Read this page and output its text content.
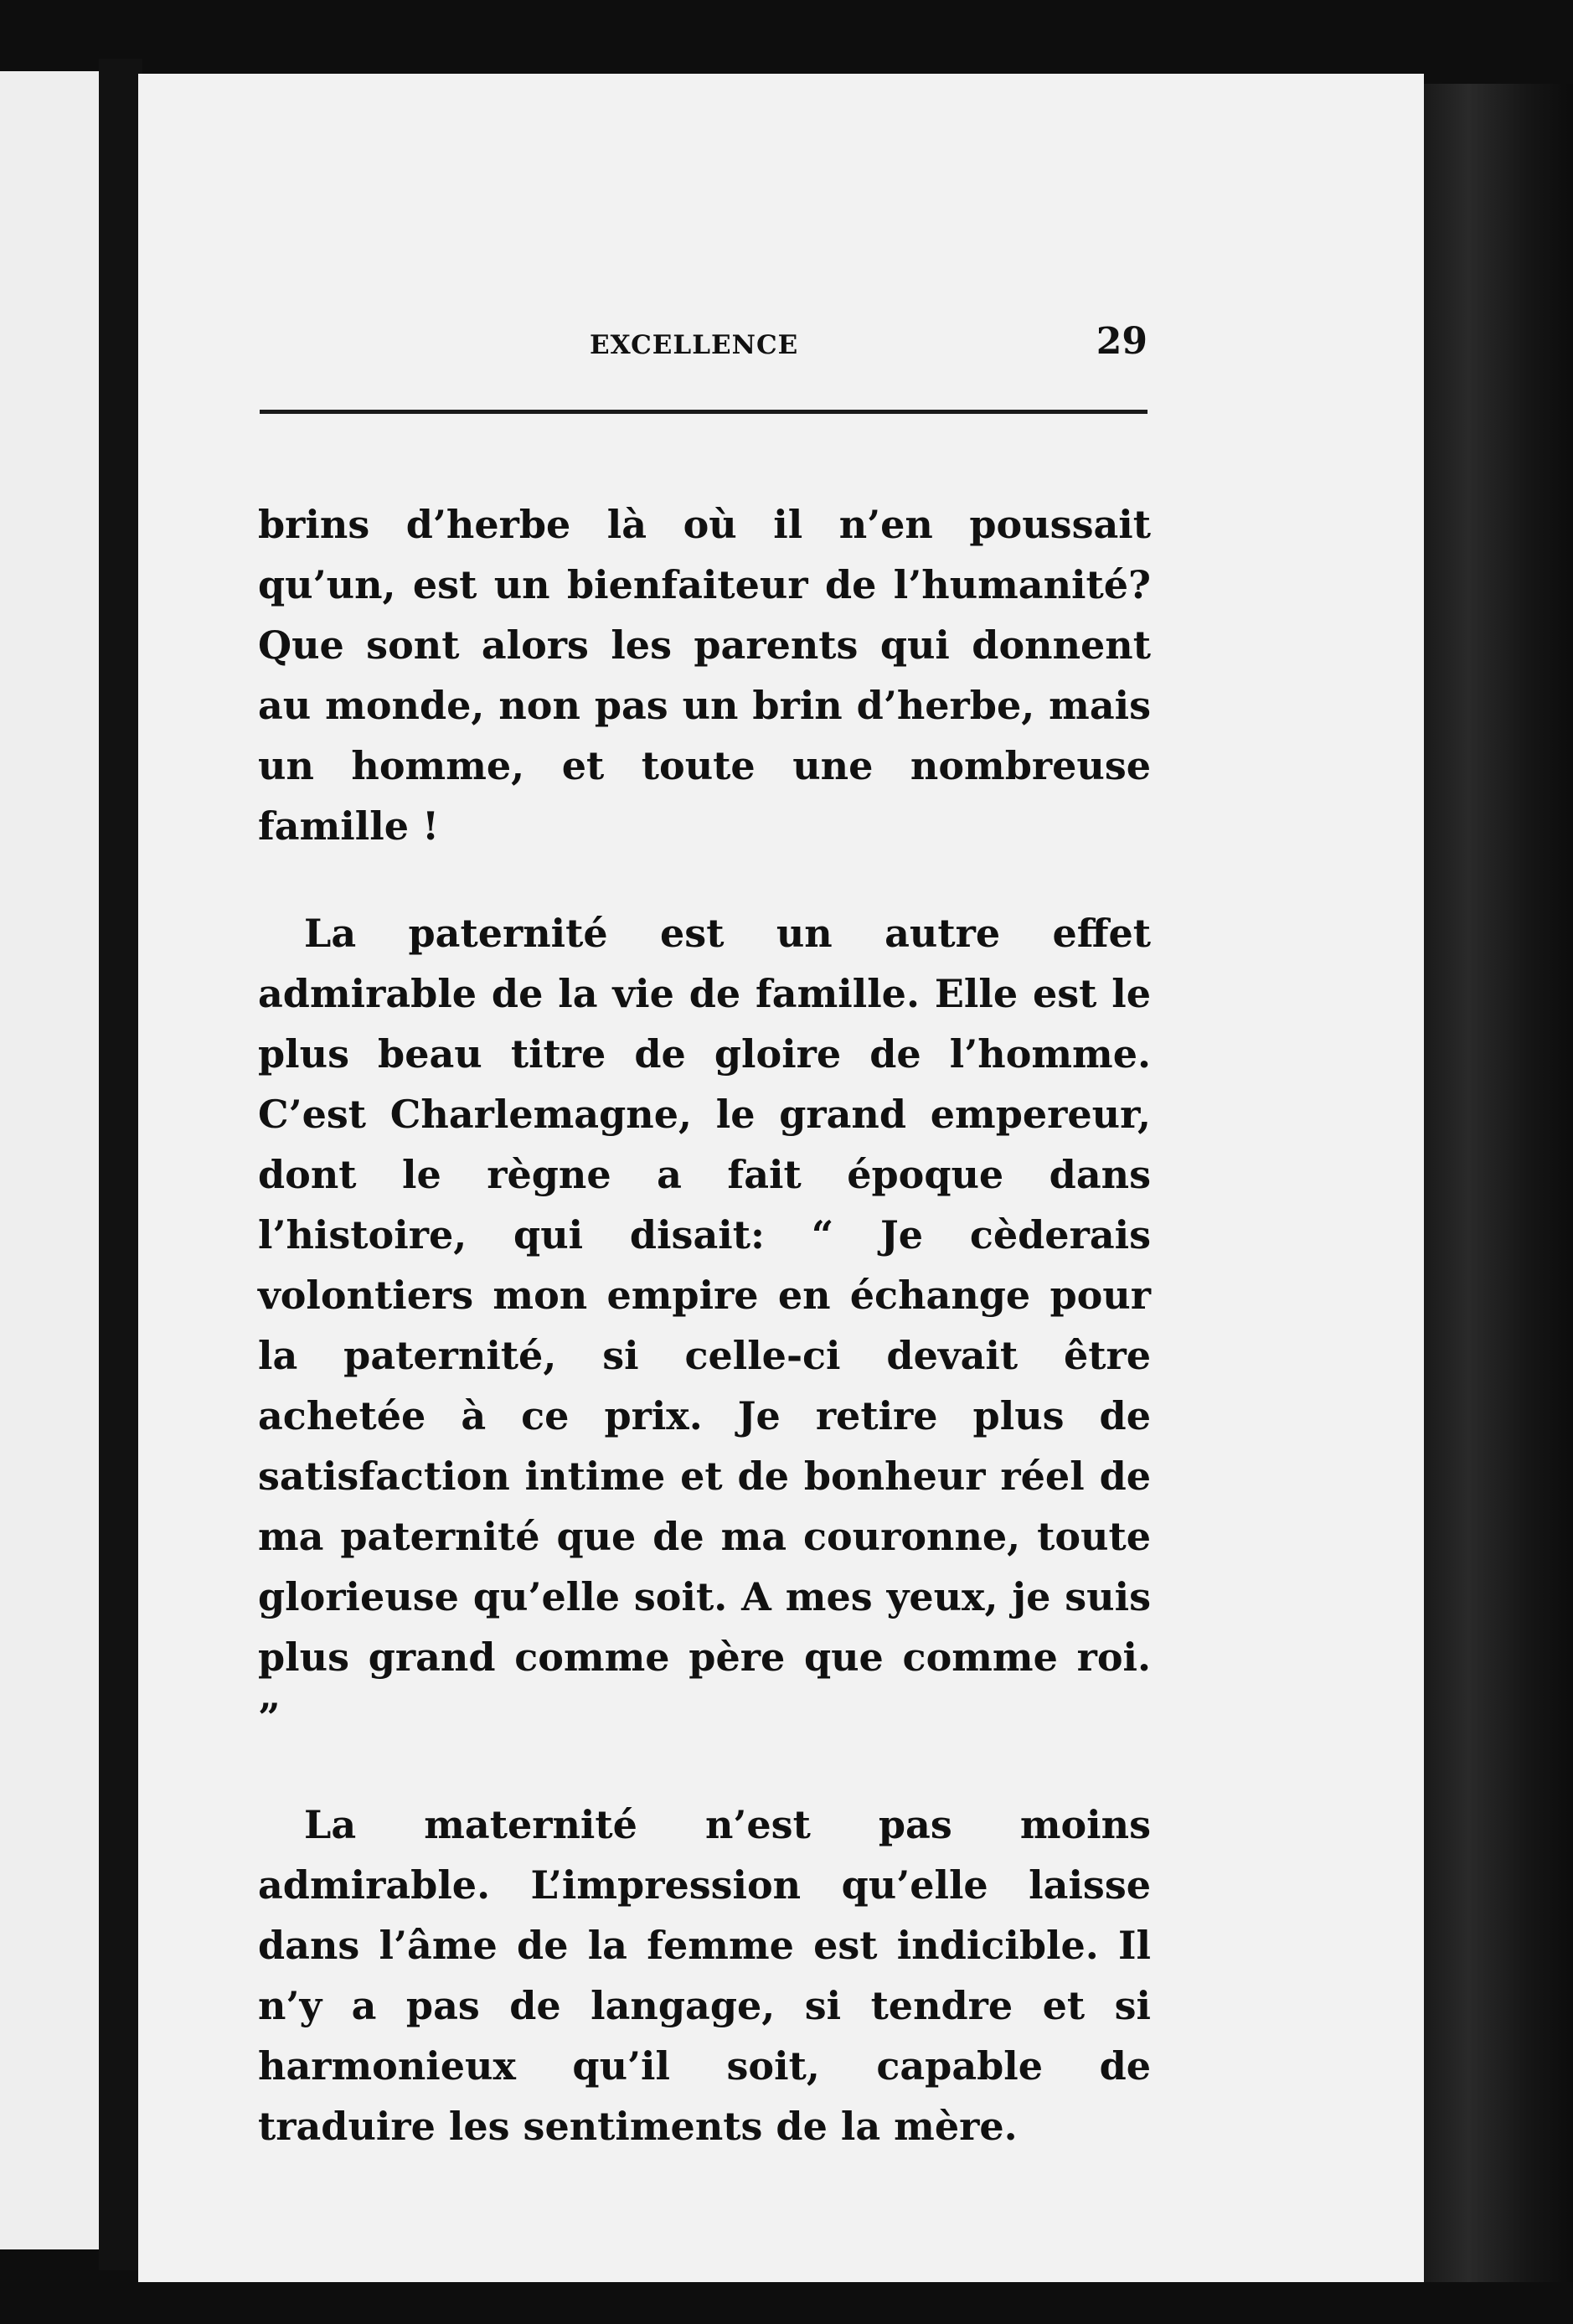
EXCELLENCE	29

brins d’herbe là où il n’en poussait qu’un, est un bienfaiteur de l’humanité? Que sont alors les parents qui donnent au monde, non pas un brin d’herbe, mais un homme, et toute une nombreuse famille !

La paternité est un autre effet admirable de la vie de famille. Elle est le plus beau titre de gloire de l’homme. C’est Charlemagne, le grand empereur, dont le règne a fait époque dans l’histoire, qui disait: “ Je cèderais volontiers mon empire en échange pour la paternité, si celle-ci devait être achetée à ce prix. Je retire plus de satisfaction intime et de bonheur réel de ma paternité que de ma couronne, toute glorieuse qu’elle soit. A mes yeux, je suis plus grand comme père que comme roi. ”

La maternité n’est pas moins admirable. L’impression qu’elle laisse dans l’âme de la femme est indicible. Il n’y a pas de langage, si tendre et si harmonieux qu’il soit, capable de traduire les sentiments de la mère.
